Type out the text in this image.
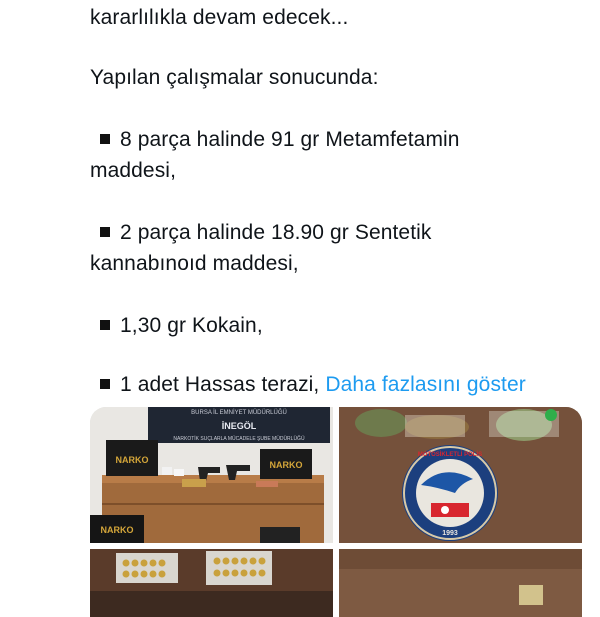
kararlılıkla devam edecek...
Yapılan çalışmalar sonucunda:
8 parça halinde 91 gr Metamfetamin
maddesi,
2 parça halinde 18.90 gr Sentetik
kannabınoıd maddesi,
1,30 gr Kokain,
1 adet Hassas terazi, Daha fazlasını göster
BURSA İL EMNİYET MÜDÜRLÜĞÜ
İNEGÖL
NARKOTİK SUÇLARLA MÜCADELE ŞUBE MÜDÜRLÜĞÜ
NARKO	NARKO
NARKO
MOTOSİKLETLİ POLİS
1993
